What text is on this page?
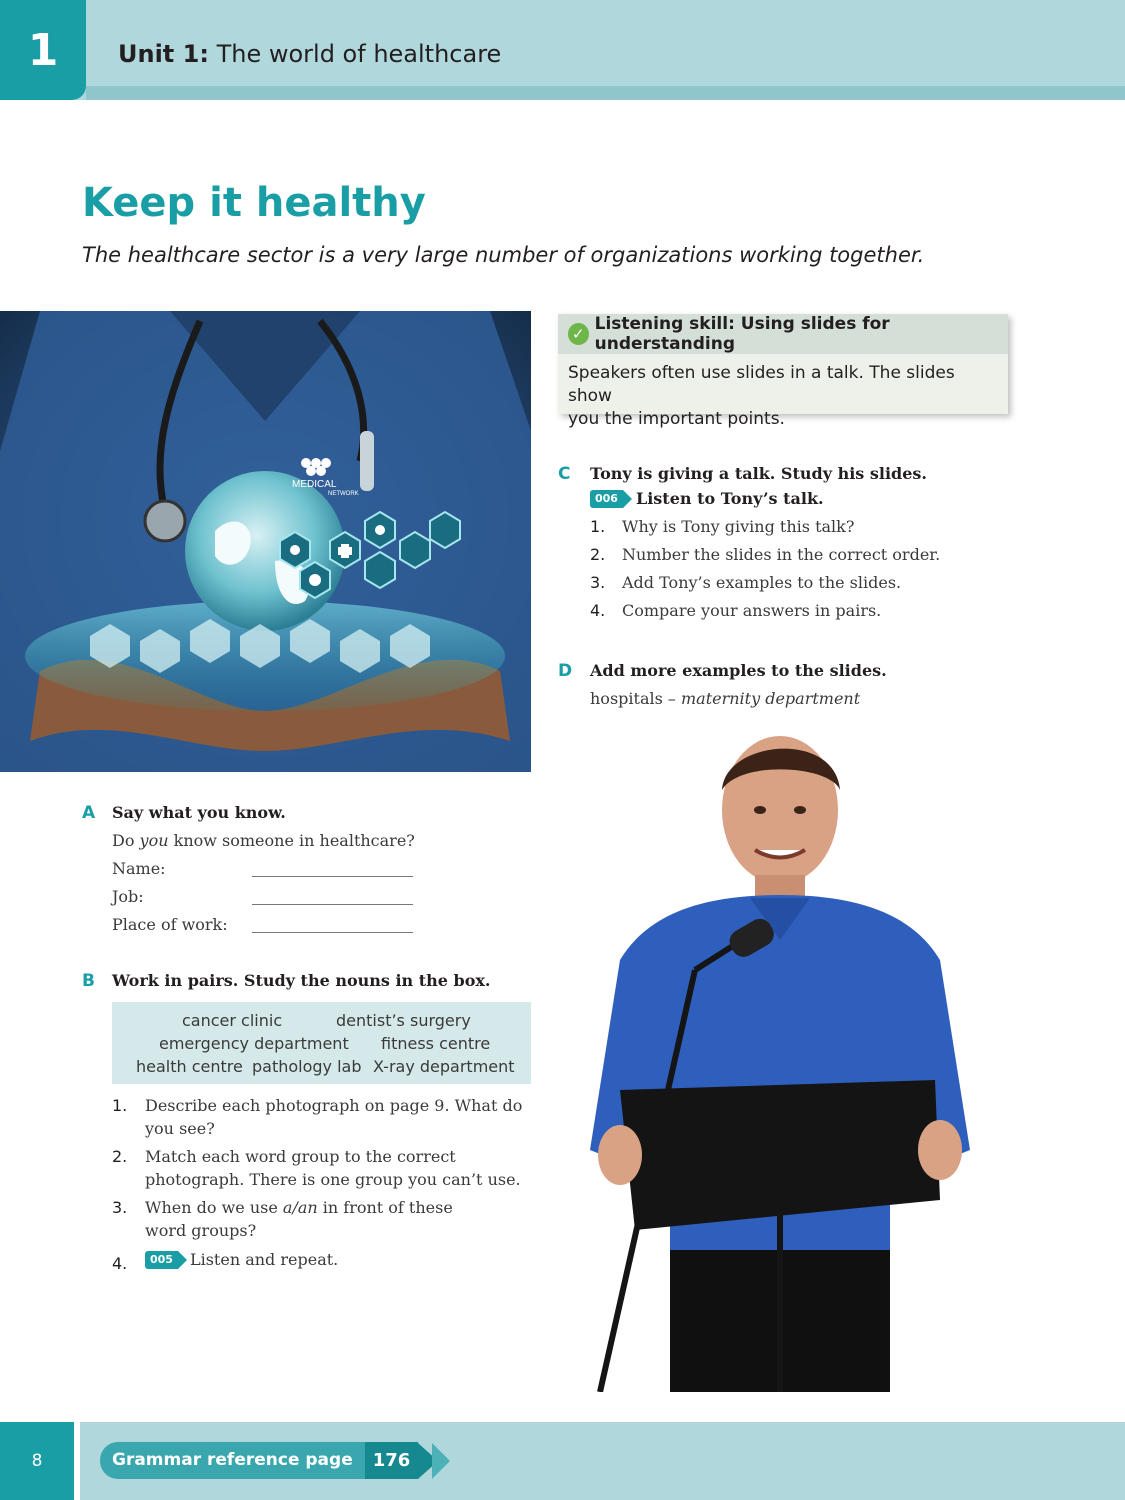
1	Unit 1: The world of healthcare
Keep it healthy
The healthcare sector is a very large number of organizations working together.
MEDICAL
NETWORK
✓ Listening skill: Using slides for understanding
Speakers often use slides in a talk. The slides show
you the important points.
C Tony is giving a talk. Study his slides.
006	Listen to Tony’s talk.
1. Why is Tony giving this talk?
2. Number the slides in the correct order.
3. Add Tony’s examples to the slides.
4. Compare your answers in pairs.
D Add more examples to the slides.
hospitals – maternity department
A Say what you know.
Do you know someone in healthcare?
Name:
Job:
Place of work:
B Work in pairs. Study the nouns in the box.
cancer clinic	dentist’s surgery
emergency department fitness centre
health centre pathology lab X-ray department
1. Describe each photograph on page 9. What do
you see?
2. Match each word group to the correct
photograph. There is one group you can’t use.
3. When do we use a/an in front of these
word groups?
4.	005	Listen and repeat.
8	Grammar reference page	176
